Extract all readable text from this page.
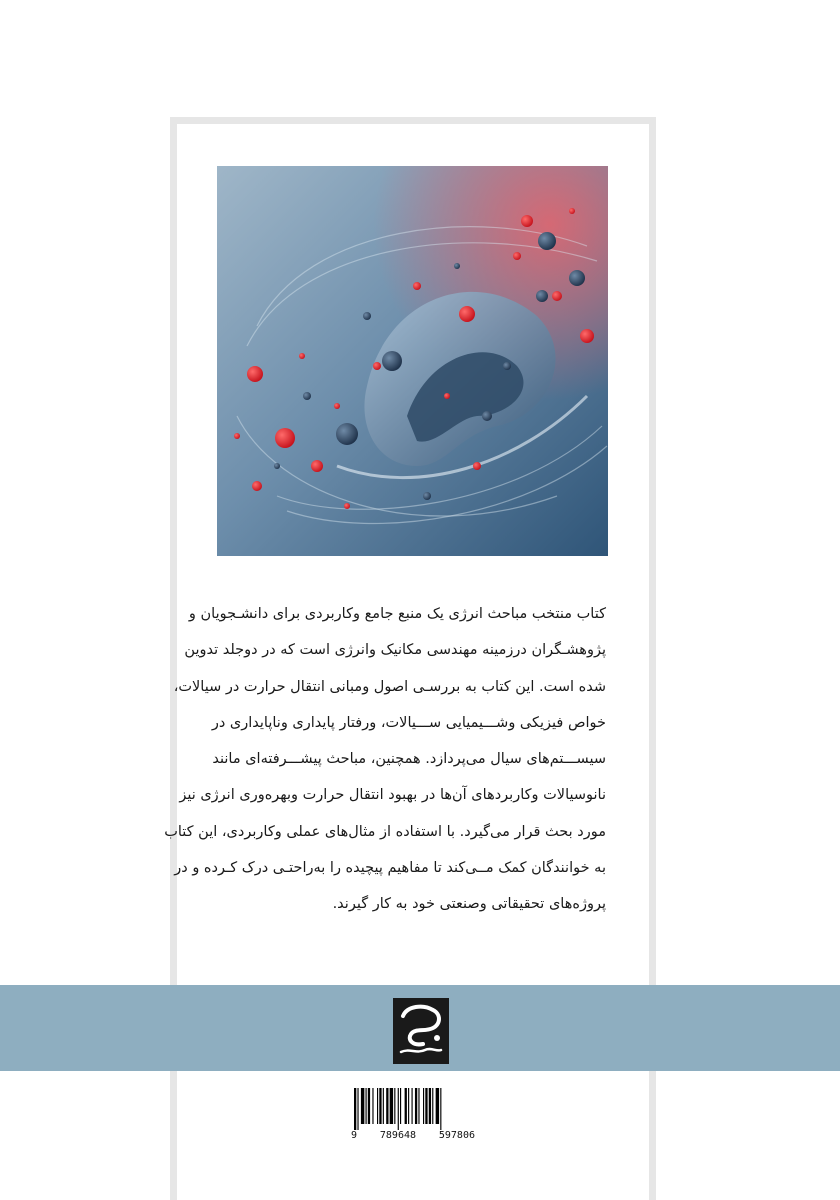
کتاب منتخب مباحث انرژی یک منبع جامع وکاربردی برای دانشـجویان و
پژوهشـگران درزمینه مهندسی مکانیک وانرژی است که در دوجلد تدوین
شده است. این کتاب به بررسـی اصول ومبانی انتقال حرارت در سیالات،
خواص فیزیکی وشـــیمیایی ســـیالات، ورفتار پایداری وناپایداری در
سیســـتم‌های سیال می‌پردازد. همچنین، مباحث پیشـــرفته‌ای مانند
نانوسیالات وکاربردهای آن‌ها در بهبود انتقال حرارت وبهره‌وری انرژی نیز
مورد بحث قرار می‌گیرد. با استفاده از مثال‌های عملی وکاربردی، این کتاب
به خوانندگان کمک مــی‌کند تا مفاهیم پیچیده را به‌راحتـی درک کـرده و در
پروژه‌های تحقیقاتی وصنعتی خود به کار گیرند.
9 789648 597806
